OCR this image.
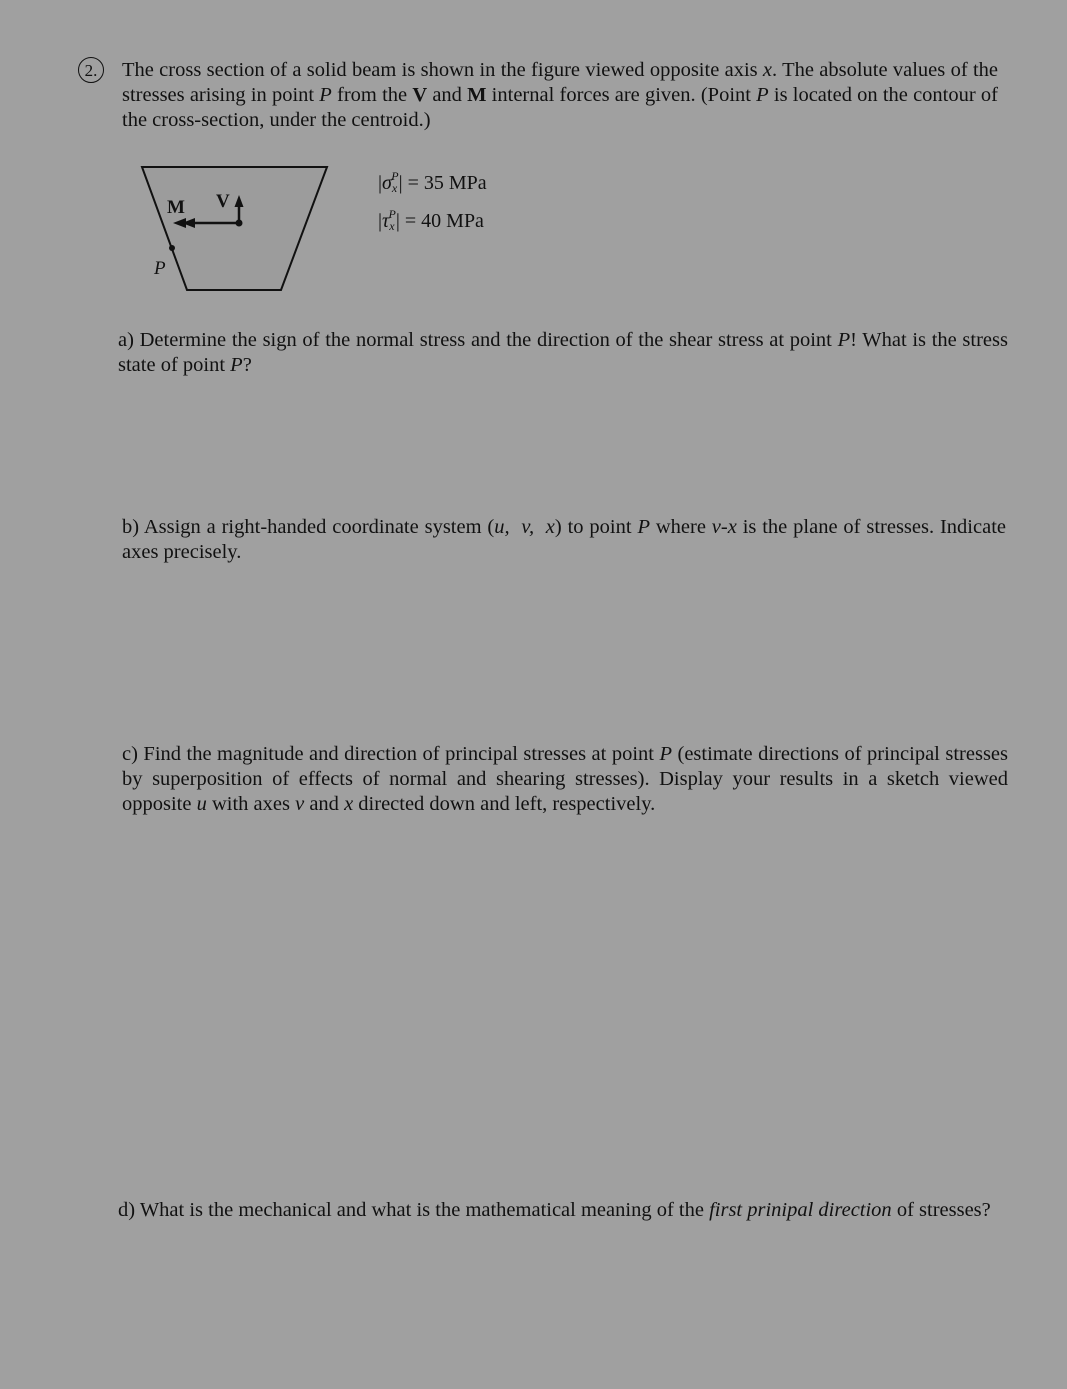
2.	The cross section of a solid beam is shown in the figure viewed opposite axis x. The absolute values of the stresses arising in point P from the V and M internal forces are given. (Point P is located on the contour of the cross-section, under the centroid.)
M V
P
$|\sigma_x^P| = 35$ MPa
$|\tau_x^P| = 40$ MPa
a) Determine the sign of the normal stress and the direction of the shear stress at point P! What is the stress state of point P?
b) Assign a right-handed coordinate system (u,  v,  x) to point P where v-x is the plane of stresses. Indicate axes precisely.
c) Find the magnitude and direction of principal stresses at point P (estimate directions of principal stresses by superposition of effects of normal and shearing stresses). Display your results in a sketch viewed opposite u with axes v and x directed down and left, respectively.
d) What is the mechanical and what is the mathematical meaning of the first prinipal direction of stresses?
